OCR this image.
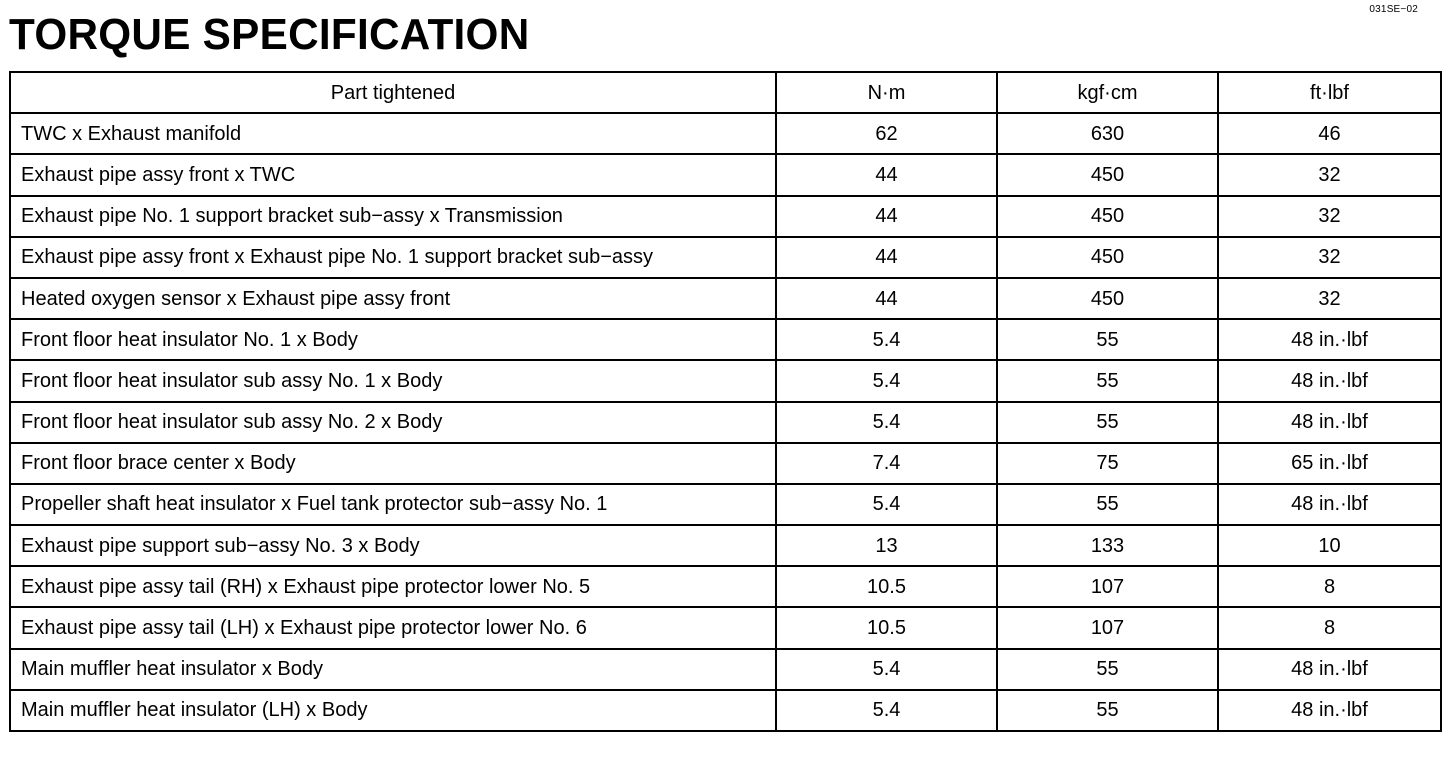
031SE−02
TORQUE SPECIFICATION
Part tightened	N·m	kgf·cm	ft·lbf
TWC x Exhaust manifold	62	630	46
Exhaust pipe assy front x TWC	44	450	32
Exhaust pipe No. 1 support bracket sub−assy x Transmission	44	450	32
Exhaust pipe assy front x Exhaust pipe No. 1 support bracket sub−assy	44	450	32
Heated oxygen sensor x Exhaust pipe assy front	44	450	32
Front floor heat insulator No. 1 x Body	5.4	55	48 in.·lbf
Front floor heat insulator sub assy No. 1 x Body	5.4	55	48 in.·lbf
Front floor heat insulator sub assy No. 2 x Body	5.4	55	48 in.·lbf
Front floor brace center x Body	7.4	75	65 in.·lbf
Propeller shaft heat insulator x Fuel tank protector sub−assy No. 1	5.4	55	48 in.·lbf
Exhaust pipe support sub−assy No. 3 x Body	13	133	10
Exhaust pipe assy tail (RH) x Exhaust pipe protector lower No. 5	10.5	107	8
Exhaust pipe assy tail (LH) x Exhaust pipe protector lower No. 6	10.5	107	8
Main muffler heat insulator x Body	5.4	55	48 in.·lbf
Main muffler heat insulator (LH) x Body	5.4	55	48 in.·lbf
